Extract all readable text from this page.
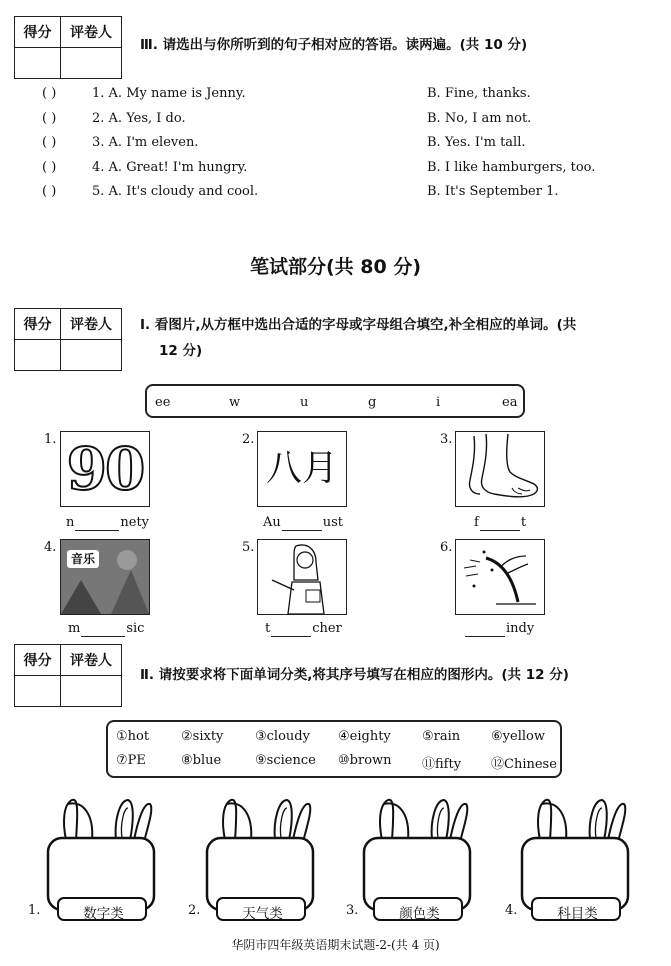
得分	评卷人
Ⅲ. 请选出与你所听到的句子相对应的答语。读两遍。(共 10 分)
( )	1. A. My name is Jenny.	B. Fine, thanks.
( )	2. A. Yes, I do.	B. No, I am not.
( )	3. A. I'm eleven.	B. Yes. I'm tall.
( )	4. A. Great! I'm hungry.	B. I like hamburgers, too.
( )	5. A. It's cloudy and cool.	B. It's September 1.
笔试部分(共 80 分)
得分	评卷人	Ⅰ. 看图片,从方框中选出合适的字母或字母组合填空,补全相应的单词。(共
12 分)
ee	w	u	g	i	ea
1. 90
n	nety
2.
八月
Au	ust
3.
f	t
4.
音乐
m	sic
5.
t	cher
6.
indy
得分	评卷人
Ⅱ. 请按要求将下面单词分类,将其序号填写在相应的图形内。(共 12 分)
①hot ②sixty ③cloudy ④eighty ⑤rain ⑥yellow
⑦PE	⑧blue	⑨science ⑩brown ⑪fifty ⑫Chinese
1.	数字类	2.	天气类	3.	颜色类	4.	科目类
华阴市四年级英语期末试题-2-(共 4 页)
